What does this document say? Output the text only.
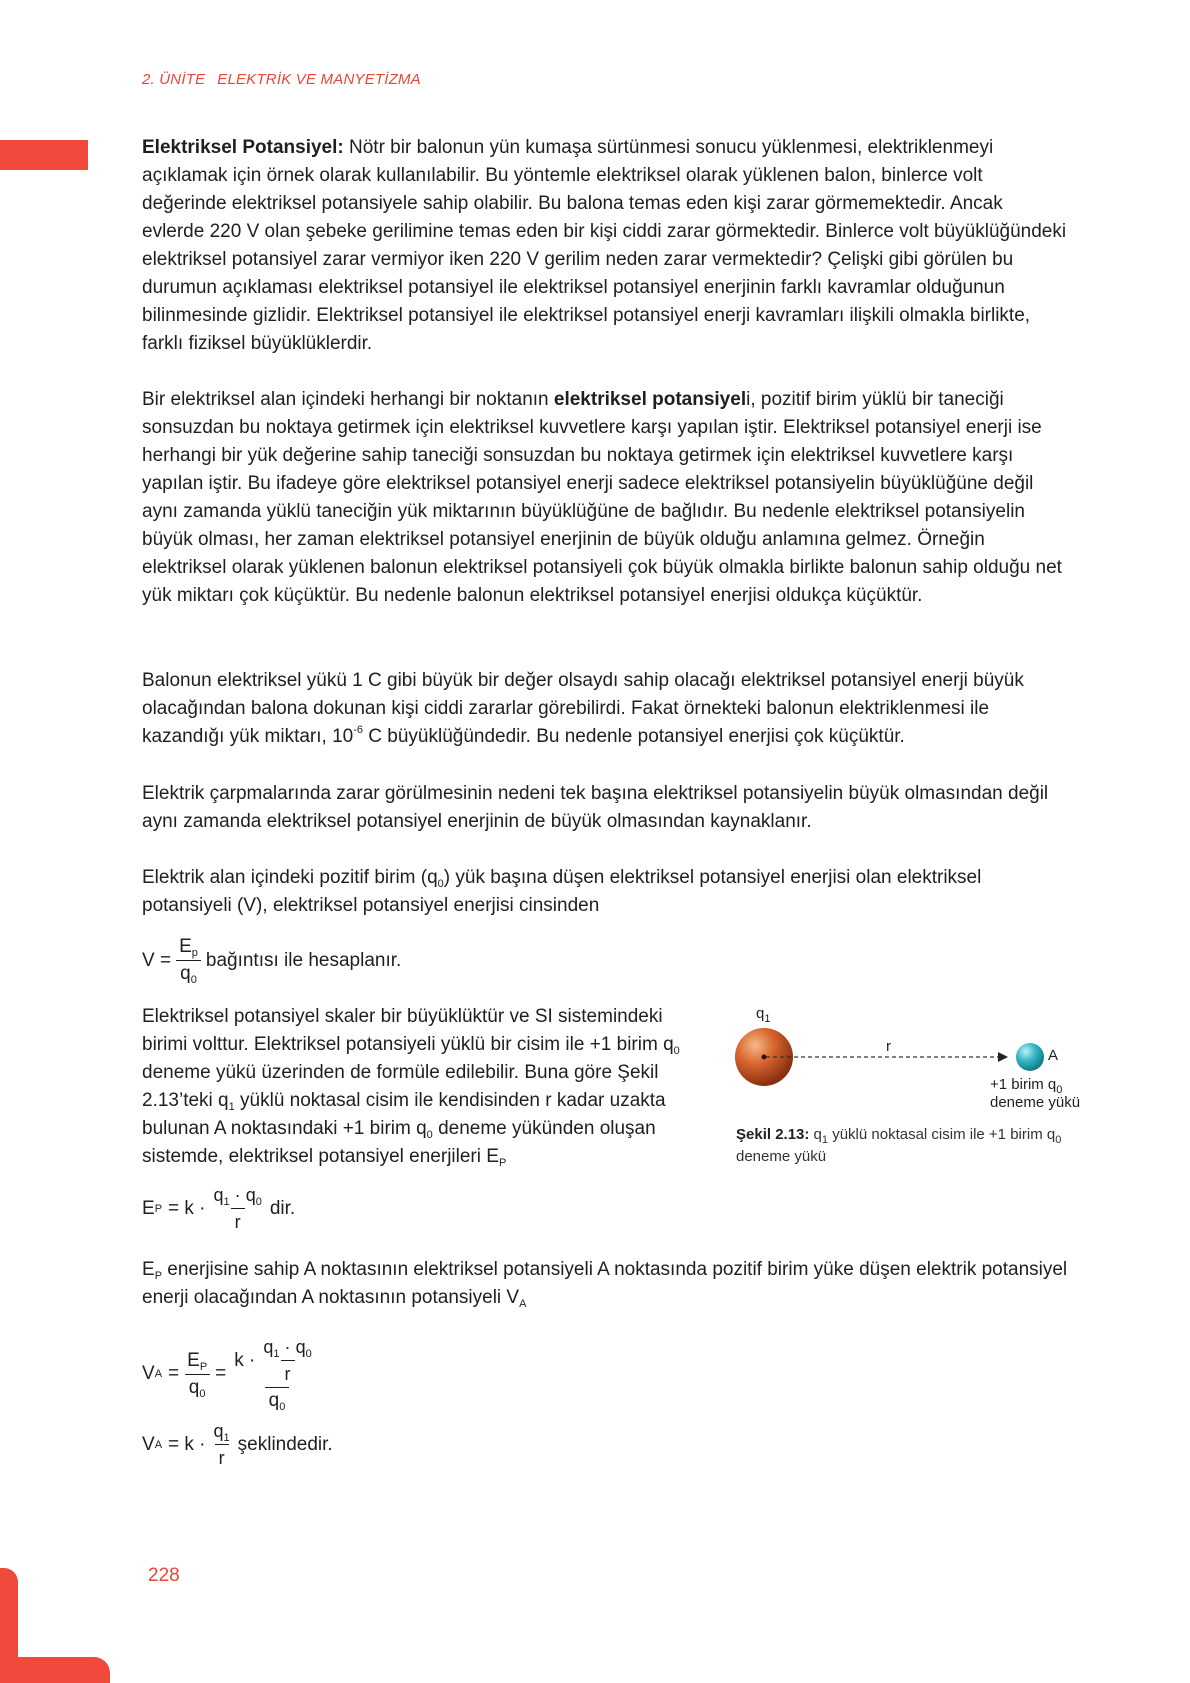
2. ÜNİTE ELEKTRİK VE MANYETİZMA

Elektriksel Potansiyel: Nötr bir balonun yün kumaşa sürtünmesi sonucu yüklenmesi, elektriklenmeyi açıklamak için örnek olarak kullanılabilir. Bu yöntemle elektriksel olarak yüklenen balon, binlerce volt değerinde elektriksel potansiyele sahip olabilir. Bu balona temas eden kişi zarar görmemektedir. Ancak evlerde 220 V olan şebeke gerilimine temas eden bir kişi ciddi zarar görmektedir. Binlerce volt büyüklüğündeki elektriksel potansiyel zarar vermiyor iken 220 V gerilim neden zarar vermektedir? Çelişki gibi görülen bu durumun açıklaması elektriksel potansiyel ile elektriksel potansiyel enerjinin farklı kavramlar olduğunun bilinmesinde gizlidir. Elektriksel potansiyel ile elektriksel potansiyel enerji kavramları ilişkili olmakla birlikte, farklı fiziksel büyüklüklerdir.

Bir elektriksel alan içindeki herhangi bir noktanın elektriksel potansiyeli, pozitif birim yüklü bir taneciği sonsuzdan bu noktaya getirmek için elektriksel kuvvetlere karşı yapılan iştir. Elektriksel potansiyel enerji ise herhangi bir yük değerine sahip taneciği sonsuzdan bu noktaya getirmek için elektriksel kuvvetlere karşı yapılan iştir. Bu ifadeye göre elektriksel potansiyel enerji sadece elektriksel potansiyelin büyüklüğüne değil aynı zamanda yüklü taneciğin yük miktarının büyüklüğüne de bağlıdır. Bu nedenle elektriksel potansiyelin büyük olması, her zaman elektriksel potansiyel enerjinin de büyük olduğu anlamına gelmez. Örneğin elektriksel olarak yüklenen balonun elektriksel potansiyeli çok büyük olmakla birlikte balonun sahip olduğu net yük miktarı çok küçüktür. Bu nedenle balonun elektriksel potansiyel enerjisi oldukça küçüktür.

Balonun elektriksel yükü 1 C gibi büyük bir değer olsaydı sahip olacağı elektriksel potansiyel enerji büyük olacağından balona dokunan kişi ciddi zararlar görebilirdi. Fakat örnekteki balonun elektriklenmesi ile kazandığı yük miktarı, $10^{-6}$ C büyüklüğündedir. Bu nedenle potansiyel enerjisi çok küçüktür.

Elektrik çarpmalarında zarar görülmesinin nedeni tek başına elektriksel potansiyelin büyük olmasından değil aynı zamanda elektriksel potansiyel enerjinin de büyük olmasından kaynaklanır.

Elektrik alan içindeki pozitif birim $(q_0)$ yük başına düşen elektriksel potansiyel enerjisi olan elektriksel potansiyeli (V), elektriksel potansiyel enerjisi cinsinden

$V = \frac{E_p}{q_0}$ bağıntısı ile hesaplanır.

Elektriksel potansiyel skaler bir büyüklüktür ve SI sistemindeki birimi volttur. Elektriksel potansiyeli yüklü bir cisim ile +1 birim $q_0$ deneme yükü üzerinden de formüle edilebilir. Buna göre Şekil 2.13’teki $q_1$ yüklü noktasal cisim ile kendisinden r kadar uzakta bulunan A noktasındaki +1 birim $q_0$ deneme yükünden oluşan sistemde, elektriksel potansiyel enerjileri $E_P$

$q_1$
r
A
+1 birim $q_0$
deneme yükü
Şekil 2.13: $q_1$ yüklü noktasal cisim ile +1 birim $q_0$ deneme yükü
E $P = k \cdot \frac{q_1 \cdot q_0}{r}$ dir.

$E_P$ enerjisine sahip A noktasının elektriksel potansiyeli A noktasında pozitif birim yüke düşen elektrik potansiyel enerji olacağından A noktasının potansiyeli $V_A$

V $A = \frac{E_P}{q_0} = \frac{k \cdot \frac{q_1 \cdot q_0}{r}}{q_0}$
V $A = k \cdot \frac{q_1}{r}$ şeklindedir.
228
